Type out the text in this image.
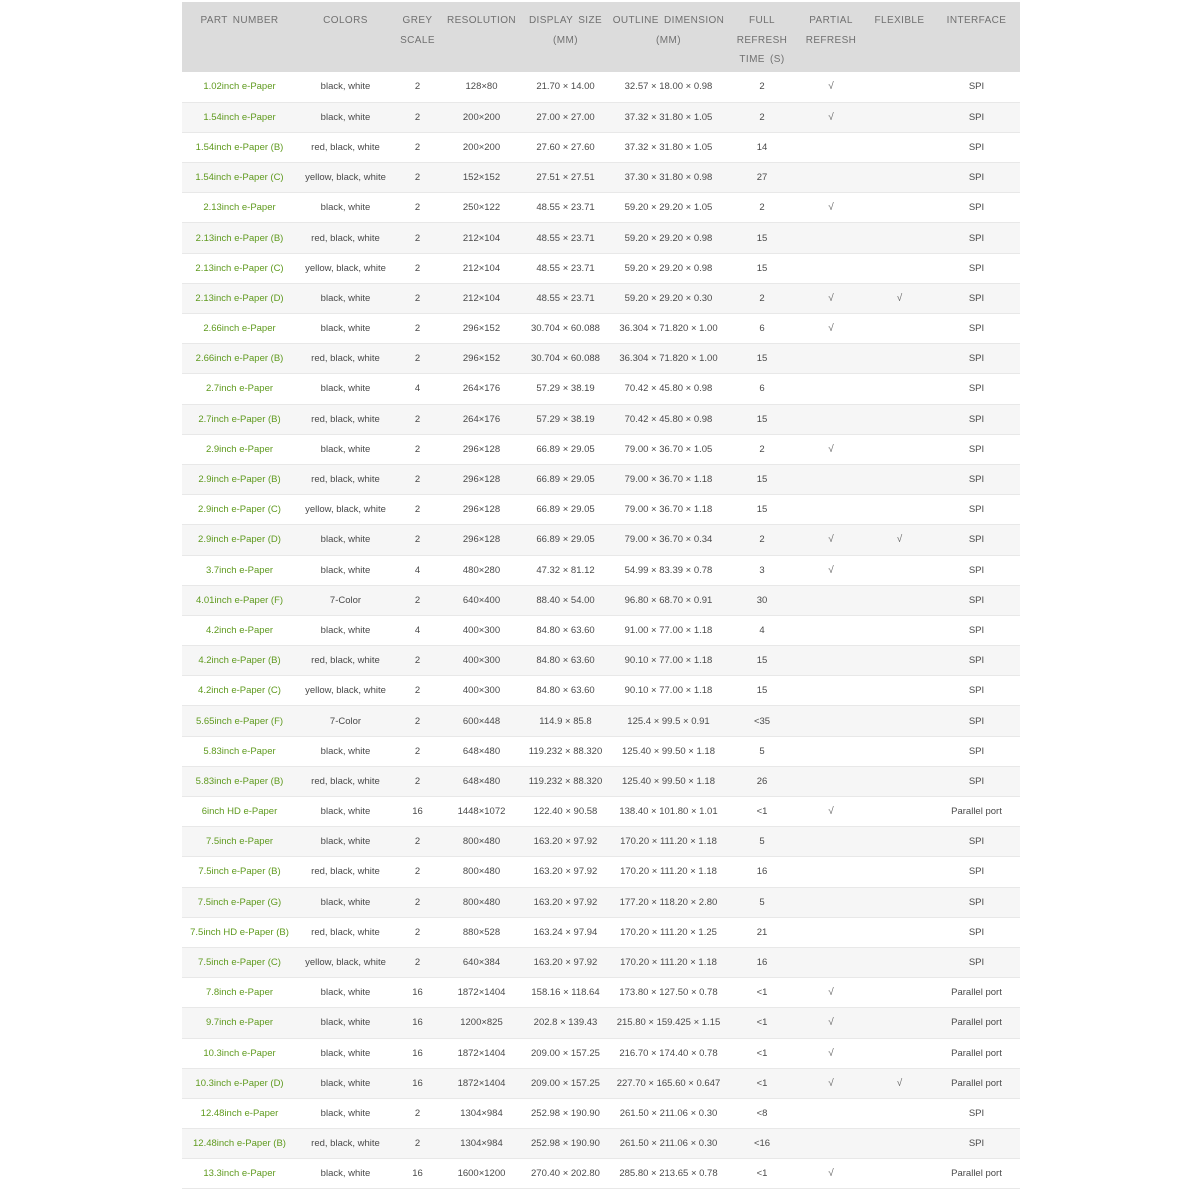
PART NUMBER	COLORS	GREY SCALE	RESOLUTION	DISPLAY SIZE (MM)	OUTLINE DIMENSION (MM)	FULL REFRESH TIME (S)	PARTIAL REFRESH	FLEXIBLE	INTERFACE

1.02inch e-Paper	black, white	2	128×80	21.70 × 14.00	32.57 × 18.00 × 0.98	2	√		SPI
1.54inch e-Paper	black, white	2	200×200	27.00 × 27.00	37.32 × 31.80 × 1.05	2	√		SPI
1.54inch e-Paper (B)	red, black, white	2	200×200	27.60 × 27.60	37.32 × 31.80 × 1.05	14			SPI
1.54inch e-Paper (C)	yellow, black, white	2	152×152	27.51 × 27.51	37.30 × 31.80 × 0.98	27			SPI
2.13inch e-Paper	black, white	2	250×122	48.55 × 23.71	59.20 × 29.20 × 1.05	2	√		SPI
2.13inch e-Paper (B)	red, black, white	2	212×104	48.55 × 23.71	59.20 × 29.20 × 0.98	15			SPI
2.13inch e-Paper (C)	yellow, black, white	2	212×104	48.55 × 23.71	59.20 × 29.20 × 0.98	15			SPI
2.13inch e-Paper (D)	black, white	2	212×104	48.55 × 23.71	59.20 × 29.20 × 0.30	2	√	√	SPI
2.66inch e-Paper	black, white	2	296×152	30.704 × 60.088	36.304 × 71.820 × 1.00	6	√		SPI
2.66inch e-Paper (B)	red, black, white	2	296×152	30.704 × 60.088	36.304 × 71.820 × 1.00	15			SPI
2.7inch e-Paper	black, white	4	264×176	57.29 × 38.19	70.42 × 45.80 × 0.98	6			SPI
2.7inch e-Paper (B)	red, black, white	2	264×176	57.29 × 38.19	70.42 × 45.80 × 0.98	15			SPI
2.9inch e-Paper	black, white	2	296×128	66.89 × 29.05	79.00 × 36.70 × 1.05	2	√		SPI
2.9inch e-Paper (B)	red, black, white	2	296×128	66.89 × 29.05	79.00 × 36.70 × 1.18	15			SPI
2.9inch e-Paper (C)	yellow, black, white	2	296×128	66.89 × 29.05	79.00 × 36.70 × 1.18	15			SPI
2.9inch e-Paper (D)	black, white	2	296×128	66.89 × 29.05	79.00 × 36.70 × 0.34	2	√	√	SPI
3.7inch e-Paper	black, white	4	480×280	47.32 × 81.12	54.99 × 83.39 × 0.78	3	√		SPI
4.01inch e-Paper (F)	7-Color	2	640×400	88.40 × 54.00	96.80 × 68.70 × 0.91	30			SPI
4.2inch e-Paper	black, white	4	400×300	84.80 × 63.60	91.00 × 77.00 × 1.18	4			SPI
4.2inch e-Paper (B)	red, black, white	2	400×300	84.80 × 63.60	90.10 × 77.00 × 1.18	15			SPI
4.2inch e-Paper (C)	yellow, black, white	2	400×300	84.80 × 63.60	90.10 × 77.00 × 1.18	15			SPI
5.65inch e-Paper (F)	7-Color	2	600×448	114.9 × 85.8	125.4 × 99.5 × 0.91	<35			SPI
5.83inch e-Paper	black, white	2	648×480	119.232 × 88.320	125.40 × 99.50 × 1.18	5			SPI
5.83inch e-Paper (B)	red, black, white	2	648×480	119.232 × 88.320	125.40 × 99.50 × 1.18	26			SPI
6inch HD e-Paper	black, white	16	1448×1072	122.40 × 90.58	138.40 × 101.80 × 1.01	<1	√		Parallel port
7.5inch e-Paper	black, white	2	800×480	163.20 × 97.92	170.20 × 111.20 × 1.18	5			SPI
7.5inch e-Paper (B)	red, black, white	2	800×480	163.20 × 97.92	170.20 × 111.20 × 1.18	16			SPI
7.5inch e-Paper (G)	black, white	2	800×480	163.20 × 97.92	177.20 × 118.20 × 2.80	5			SPI
7.5inch HD e-Paper (B)	red, black, white	2	880×528	163.24 × 97.94	170.20 × 111.20 × 1.25	21			SPI
7.5inch e-Paper (C)	yellow, black, white	2	640×384	163.20 × 97.92	170.20 × 111.20 × 1.18	16			SPI
7.8inch e-Paper	black, white	16	1872×1404	158.16 × 118.64	173.80 × 127.50 × 0.78	<1	√		Parallel port
9.7inch e-Paper	black, white	16	1200×825	202.8 × 139.43	215.80 × 159.425 × 1.15	<1	√		Parallel port
10.3inch e-Paper	black, white	16	1872×1404	209.00 × 157.25	216.70 × 174.40 × 0.78	<1	√		Parallel port
10.3inch e-Paper (D)	black, white	16	1872×1404	209.00 × 157.25	227.70 × 165.60 × 0.647	<1	√	√	Parallel port
12.48inch e-Paper	black, white	2	1304×984	252.98 × 190.90	261.50 × 211.06 × 0.30	<8			SPI
12.48inch e-Paper (B)	red, black, white	2	1304×984	252.98 × 190.90	261.50 × 211.06 × 0.30	<16			SPI
13.3inch e-Paper	black, white	16	1600×1200	270.40 × 202.80	285.80 × 213.65 × 0.78	<1	√		Parallel port
